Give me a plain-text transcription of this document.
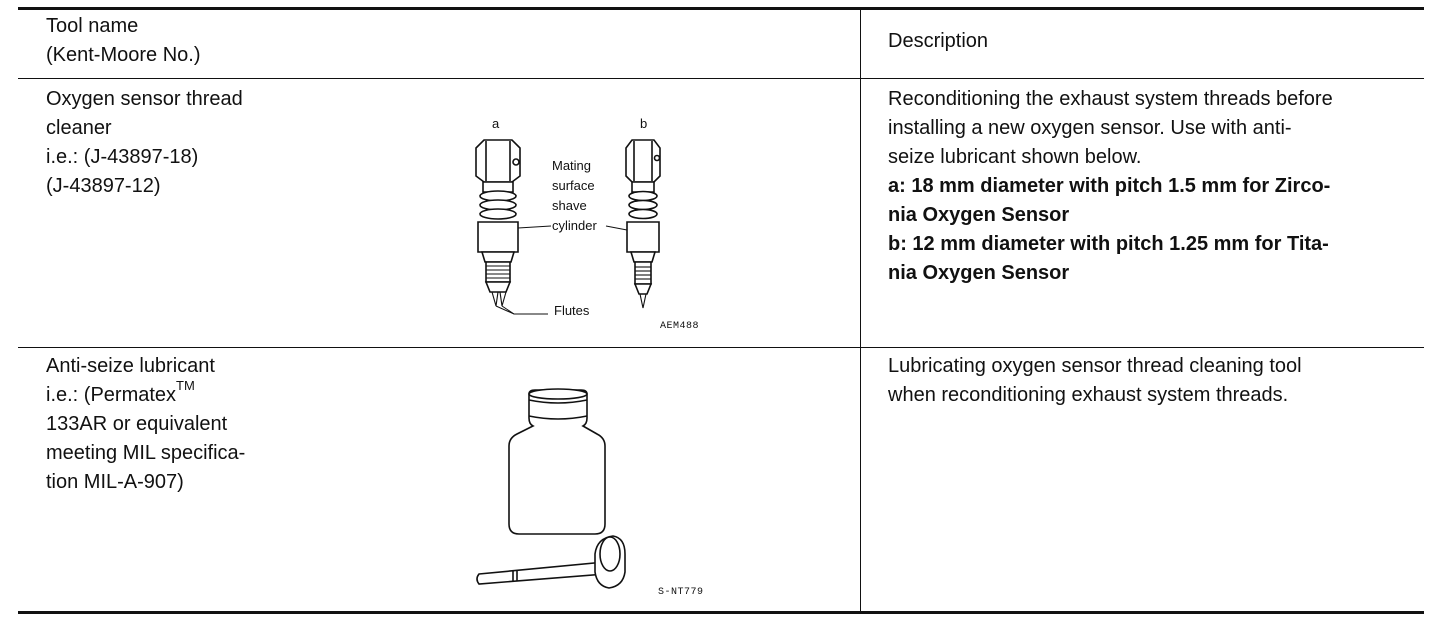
Tool name

(Kent-Moore No.)

Description

Oxygen sensor thread

cleaner

i.e.: (J-43897-18)

(J-43897-12)

a	b
Mating
surface
shave
cylinder
Flutes
AEM488

Reconditioning the exhaust system threads before

installing a new oxygen sensor. Use with anti-

seize lubricant shown below.

a: 18 mm diameter with pitch 1.5 mm for Zirco-

nia Oxygen Sensor

b: 12 mm diameter with pitch 1.25 mm for Tita-

nia Oxygen Sensor

Anti-seize lubricant

i.e.: (Permatex™

133AR or equivalent

meeting MIL specifica-

tion MIL-A-907)

S-NT779

Lubricating oxygen sensor thread cleaning tool

when reconditioning exhaust system threads.
